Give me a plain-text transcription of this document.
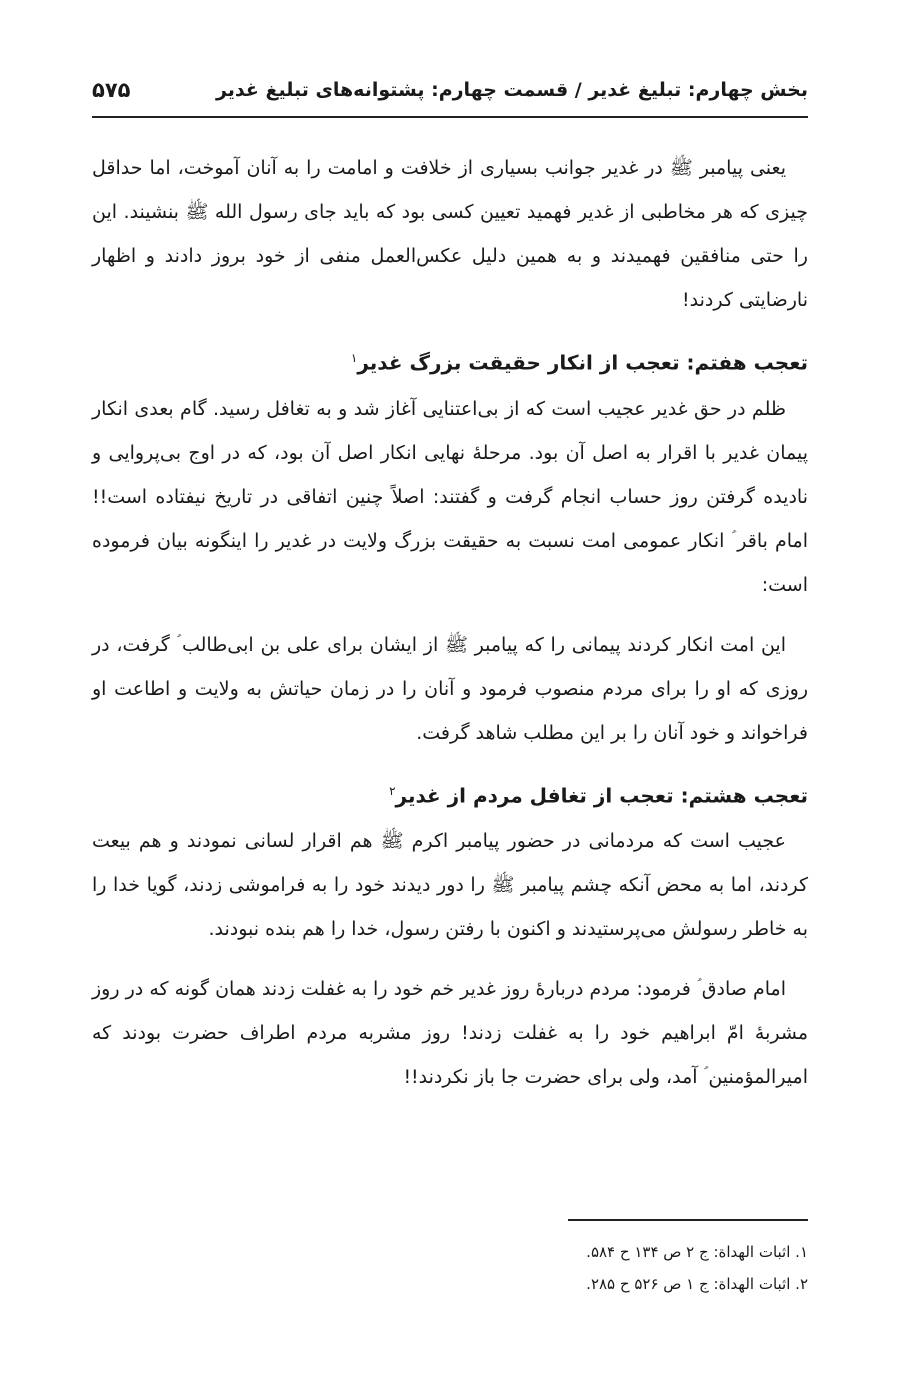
بخش چهارم: تبلیغ غدیر / قسمت چهارم: پشتوانه‌های تبلیغ غدیر
۵۷۵

یعنی پیامبر ﷺ در غدیر جوانب بسیاری از خلافت و امامت را به آنان آموخت، اما حداقل چیزی که هر مخاطبی از غدیر فهمید تعیین کسی بود که باید جای رسول الله ﷺ بنشیند. این را حتی منافقین فهمیدند و به همین دلیل عکس‌العمل منفی از خود بروز دادند و اظهار نارضایتی کردند!

تعجب هفتم: تعجب از انکار حقیقت بزرگ غدیر$^۱$

ظلم در حق غدیر عجیب است که از بی‌اعتنایی آغاز شد و به تغافل رسید. گام بعدی انکار پیمان غدیر با اقرار به اصل آن بود. مرحلۀ نهایی انکار اصل آن بود، که در اوج بی‌پروایی و نادیده گرفتن روز حساب انجام گرفت و گفتند: اصلاً چنین اتفاقی در تاریخ نیفتاده است!! امام باقر ؑ انکار عمومی امت نسبت به حقیقت بزرگ ولایت در غدیر را اینگونه بیان فرموده است:

این امت انکار کردند پیمانی را که پیامبر ﷺ از ایشان برای علی بن ابی‌طالب ؑ گرفت، در روزی که او را برای مردم منصوب فرمود و آنان را در زمان حیاتش به ولایت و اطاعت او فراخواند و خود آنان را بر این مطلب شاهد گرفت.

تعجب هشتم: تعجب از تغافل مردم از غدیر$^۲$

عجیب است که مردمانی در حضور پیامبر اکرم ﷺ هم اقرار لسانی نمودند و هم بیعت کردند، اما به محض آنکه چشم پیامبر ﷺ را دور دیدند خود را به فراموشی زدند، گویا خدا را به خاطر رسولش می‌پرستیدند و اکنون با رفتن رسول، خدا را هم بنده نبودند.

امام صادق ؑ فرمود: مردم دربارۀ روز غدیر خم خود را به غفلت زدند همان گونه که در روز مشربۀ امّ ابراهیم خود را به غفلت زدند! روز مشربه مردم اطراف حضرت بودند که امیرالمؤمنین ؑ آمد، ولی برای حضرت جا باز نکردند!!

۱. اثبات الهداة: ج ۲ ص ۱۳۴ ح ۵۸۴.
۲. اثبات الهداة: ج ۱ ص ۵۲۶ ح ۲۸۵.
